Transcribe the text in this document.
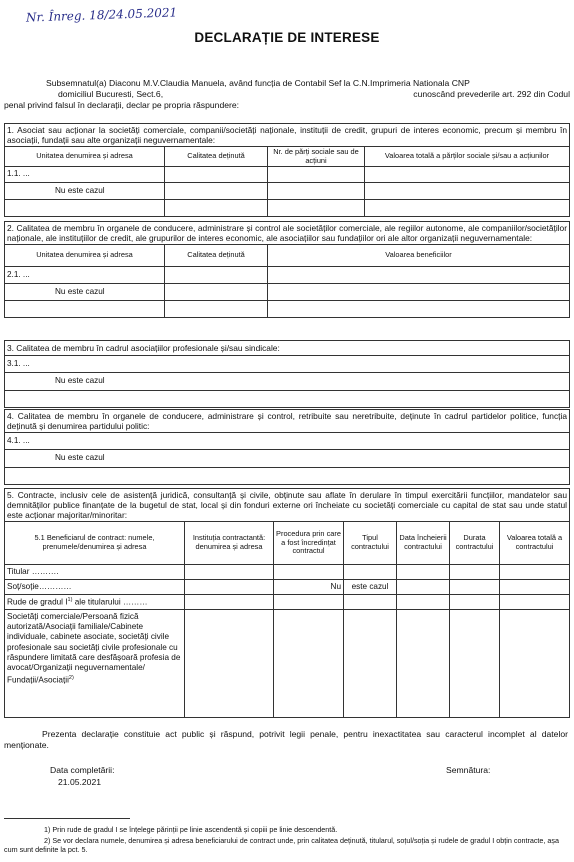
Nr. Înreg. 18/24.05.2021
DECLARAȚIE DE INTERESE
Subsemnatul(a) Diaconu M.V.Claudia Manuela, având funcția de Contabil Sef la C.N.Imprimeria Nationala CNP
domiciliul Bucuresti, Sect.6,	cunoscând prevederile art. 292 din Codul
penal privind falsul în declarații, declar pe propria răspundere:
1. Asociat sau acționar la societăți comerciale, companii/societăți naționale, instituții de credit, grupuri de interes economic, precum și membru în asociații, fundații sau alte organizații neguvernamentale:			
Unitatea denumirea și adresa	Calitatea deținută	Nr. de părți sociale sau de acțiuni	Valoarea totală a părților sociale și/sau a acțiunilor
1.1. ...			
Nu este cazul			

2. Calitatea de membru în organele de conducere, administrare și control ale societăților comerciale, ale regiilor autonome, ale companiilor/societăților naționale, ale instituțiilor de credit, ale grupurilor de interes economic, ale asociațiilor sau fundațiilor ori ale altor organizații neguvernamentale:		
Unitatea denumirea și adresa	Calitatea deținută	Valoarea beneficiilor
2.1. ...		
Nu este cazul		

3. Calitatea de membru în cadrul asociațiilor profesionale și/sau sindicale:
3.1. ...
Nu este cazul

4. Calitatea de membru în organele de conducere, administrare și control, retribuite sau neretribuite, deținute în cadrul partidelor politice, funcția deținută și denumirea partidului politic:
4.1. ...
Nu este cazul

5. Contracte, inclusiv cele de asistență juridică, consultanță și civile, obținute sau aflate în derulare în timpul exercitării funcțiilor, mandatelor sau demnităților publice finanțate de la bugetul de stat, local și din fonduri externe ori încheiate cu societăți comerciale cu capital de stat sau unde statul este acționar majoritar/minoritar:						
5.1 Beneficiarul de contract: numele, prenumele/denumirea și adresa	Instituția contractantă: denumirea și adresa	Procedura prin care a fost încredințat contractul	Tipul contractului	Data încheierii contractului	Durata contractului	Valoarea totală a contractului
Titular ……….						
Soț/soție…………		Nu	este cazul			
Rude de gradul $I^{1)}$ ale titularului ………						
Societăți comerciale/Persoană fizică autorizată/Asociații familiale/Cabinete individuale, cabinete asociate, societăți civile profesionale sau societăți civile profesionale cu răspundere limitată care desfășoară profesia de avocat/Organizații neguvernamentale/ Fundații/Asociații$^{2)}$						
Prezenta declarație constituie act public și răspund, potrivit legii penale, pentru inexactitatea sau caracterul incomplet al datelor menționate.
Data completării:
21.05.2021
Semnătura:
1) Prin rude de gradul I se înțelege părinții pe linie ascendentă și copiii pe linie descendentă.
2) Se vor declara numele, denumirea și adresa beneficiarului de contract unde, prin calitatea deținută, titularul, soțul/soția și rudele de gradul I obțin contracte, așa cum sunt definite la pct. 5.
